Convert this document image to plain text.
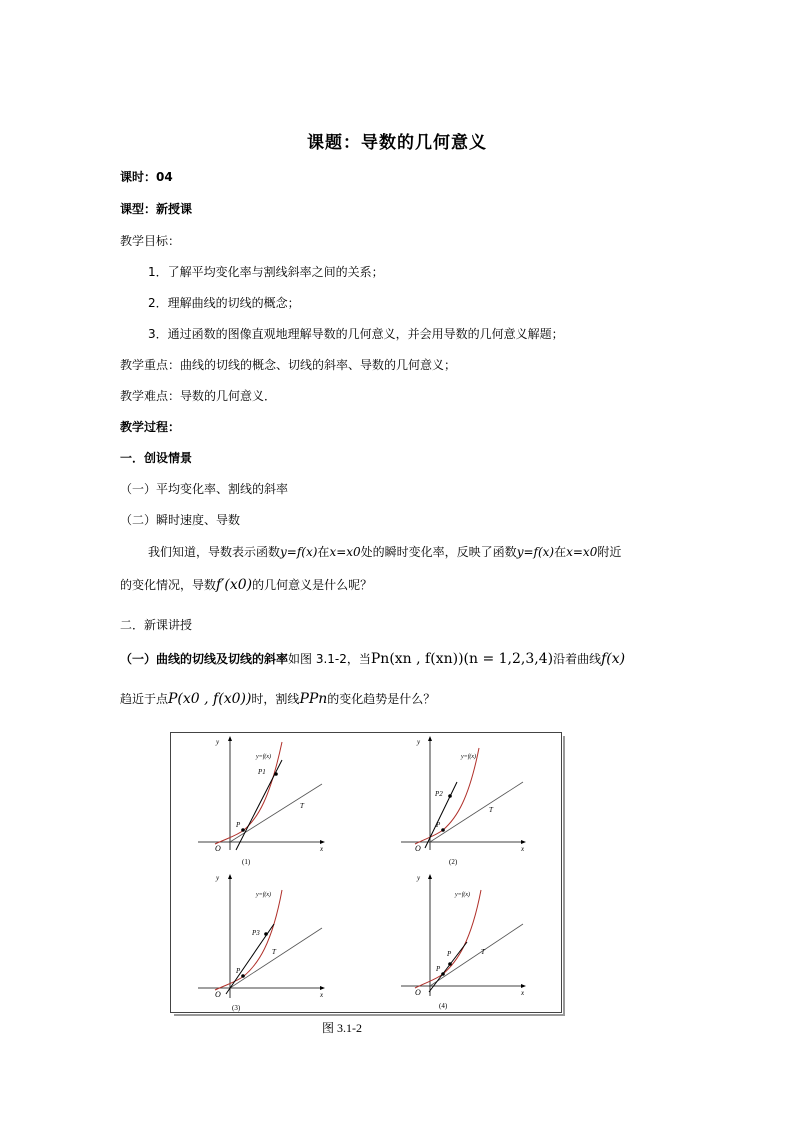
课题：导数的几何意义
课时：04
课型：新授课
教学目标：
1．了解平均变化率与割线斜率之间的关系；
2．理解曲线的切线的概念；
3．通过函数的图像直观地理解导数的几何意义，并会用导数的几何意义解题；
教学重点：曲线的切线的概念、切线的斜率、导数的几何意义；
教学难点：导数的几何意义．
教学过程：
一．创设情景
（一）平均变化率、割线的斜率
（二）瞬时速度、导数
我们知道，导数表示函数y=f(x)在x=x0处的瞬时变化率，反映了函数y=f(x)在x=x0附近
的变化情况，导数f′(x0)的几何意义是什么呢？
二．新课讲授
（一）曲线的切线及切线的斜率如图 3.1-2，当Pn(xn , f(xn))(n = 1,2,3,4)沿着曲线f(x)
趋近于点P(x0 , f(x0))时，割线PPn的变化趋势是什么？
y
x
O
P
P1
T
y=f(x)
(1)
y
x
O
P
P2
T
y=f(x)
(2)
y
x
O
P
P3
T
y=f(x)
(3)
y
x
O
P
P	T
y=f(x)
(4)
图 3.1-2
